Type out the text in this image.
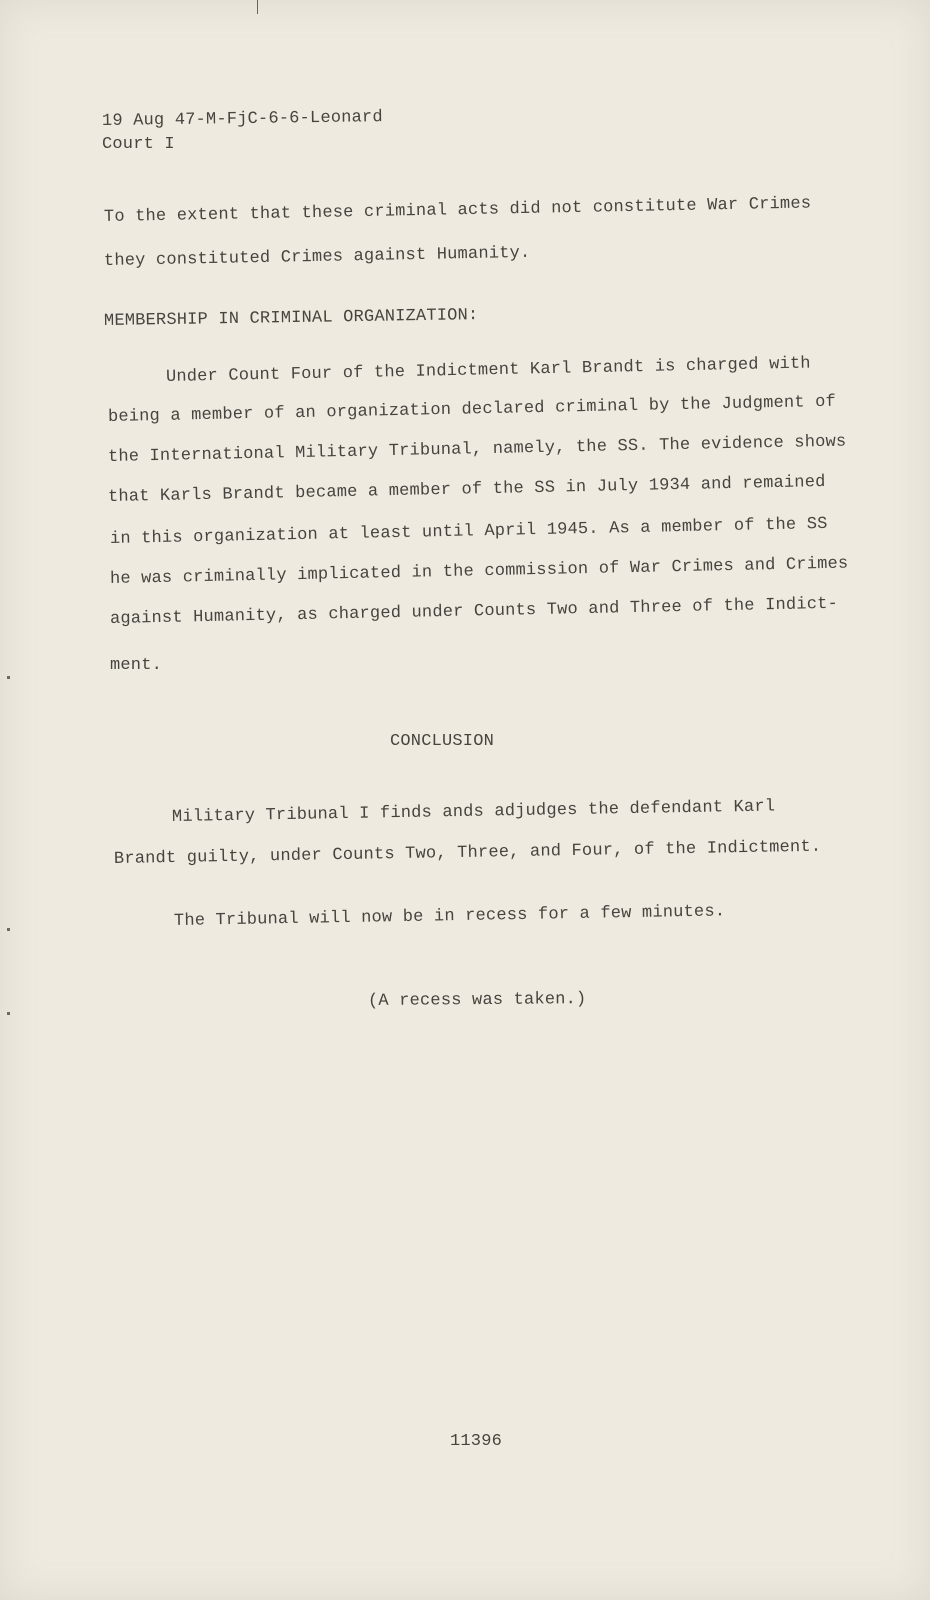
19 Aug 47-M-FjC-6-6-Leonard
Court I
To the extent that these criminal acts did not constitute War Crimes
they constituted Crimes against Humanity.
MEMBERSHIP IN CRIMINAL ORGANIZATION:
Under Count Four of the Indictment Karl Brandt is charged with
being a member of an organization declared criminal by the Judgment of
the International Military Tribunal, namely, the SS. The evidence shows
that Karls Brandt became a member of the SS in July 1934 and remained
in this organization at least until April 1945. As a member of the SS
he was criminally implicated in the commission of War Crimes and Crimes
against Humanity, as charged under Counts Two and Three of the Indict-
ment.
CONCLUSION
Military Tribunal I finds ands adjudges the defendant Karl
Brandt guilty, under Counts Two, Three, and Four, of the Indictment.
The Tribunal will now be in recess for a few minutes.
(A recess was taken.)
11396
